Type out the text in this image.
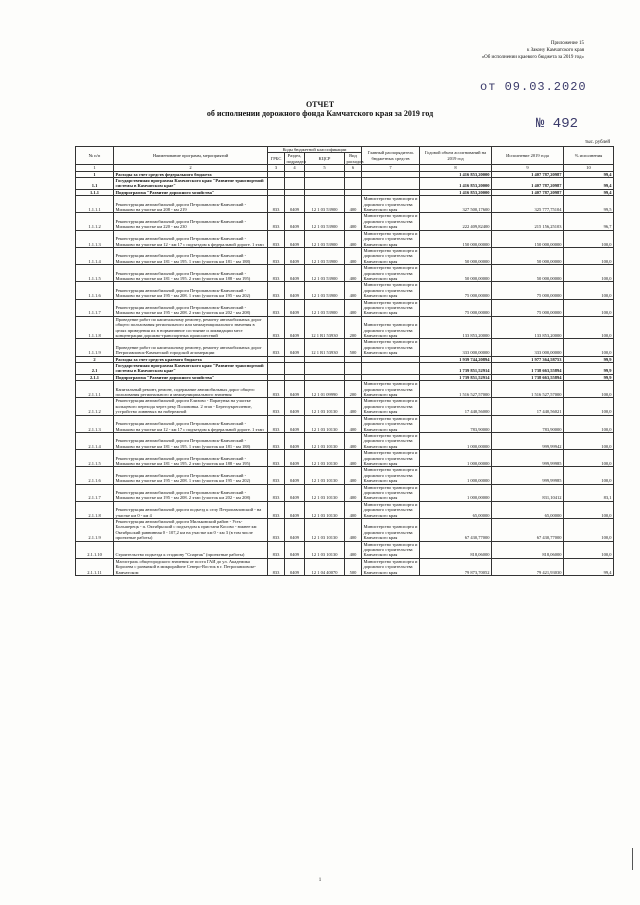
Приложение 15
к Закону Камчатского края
«Об исполнении краевого бюджета за 2019 год»
от 09.03.2020
№ 492
ОТЧЕТ
об исполнении дорожного фонда Камчатского края за 2019 год
тыс. рублей
№ п/п	Наименование программ, мероприятий	Коды бюджетной классификации				Главный распорядитель бюджетных средств	Годовой объем ассигнований на 2019 год	Исполнение 2019 года	% исполнения
		ГРБС	Раздел, подраздел	КЦСР	Вид расходов				
1	2	3	4	5	6	7	8	9	10
1	Расходы за счет средств федерального бюджета						1 416 853,20000	1 407 787,20987	99,4
1.1	Государственная программа Камчатского края "Развитие транспортной системы в Камчатском крае"						1 416 853,20000	1 407 787,20987	99,4
1.1.1	Подпрограмма "Развитие дорожного хозяйства"						1 416 853,20000	1 407 787,20987	99,4
1.1.1.1	Реконструкция автомобильной дороги Петропавловск-Камчатский - Мильково на участке км 208 - км 219	833	0409	12 1 03 53900	400	Министерство транспорта и дорожного строительства Камчатского края	327 500,17600	325 777,75104	99,5
1.1.1.2	Реконструкция автомобильной дороги Петропавловск-Камчатский - Мильково на участке км 220 - км 230	833	0409	12 1 03 53900	400	Министерство транспорта и дорожного строительства Камчатского края	222 409,82400	215 156,25103	96,7
1.1.1.3	Реконструкция автомобильной дороги Петропавловск-Камчатский - Мильково на участке км 12 - км 17 с подъездом к федеральной дороге. 1 этап	833	0409	12 1 03 53900	400	Министерство транспорта и дорожного строительства Камчатского края	150 000,00000	150 000,00000	100,0
1.1.1.4	Реконструкция автомобильной дороги Петропавловск-Камчатский - Мильково на участке км 181 - км 195. 1 этап (участок км 181 - км 188)	833	0409	12 1 03 53900	400	Министерство транспорта и дорожного строительства Камчатского края	50 000,00000	50 000,00000	100,0
1.1.1.5	Реконструкция автомобильной дороги Петропавловск-Камчатский - Мильково на участке км 181 - км 195. 2 этап (участок км 188 - км 195)	833	0409	12 1 03 53900	400	Министерство транспорта и дорожного строительства Камчатского края	50 000,00000	50 000,00000	100,0
1.1.1.6	Реконструкция автомобильной дороги Петропавловск-Камчатский - Мильково на участке км 195 - км 208. 1 этап (участок км 195 - км 202)	833	0409	12 1 03 53900	400	Министерство транспорта и дорожного строительства Камчатского края	75 000,00000	75 000,00000	100,0
1.1.1.7	Реконструкция автомобильной дороги Петропавловск-Камчатский - Мильково на участке км 195 - км 208. 2 этап (участок км 202 - км 208)	833	0409	12 1 03 53900	400	Министерство транспорта и дорожного строительства Камчатского края	75 000,00000	75 000,00000	100,0
1.1.1.8	Проведение работ по капитальному ремонту, ремонту автомобильных дорог общего пользования регионального или межмуниципального значения в целях приведения их в нормативное состояние и ликвидации мест концентрации дорожно-транспортных происшествий	833	0409	12 1 R1 53930	200	Министерство транспорта и дорожного строительства Камчатского края	133 853,20000	133 853,20000	100,0
1.1.1.9	Проведение работ по капитальному ремонту, ремонту автомобильных дорог Петропавловск-Камчатской городской агломерации	833	0409	12 1 R1 53930	500	Министерство транспорта и дорожного строительства Камчатского края	333 000,00000	333 000,00000	100,0
2	Расходы за счет средств краевого бюджета						1 939 744,20894	1 977 364,58753	99,9
2.1	Государственная программа Камчатского края "Развитие транспортной системы в Камчатском крае"						1 739 851,52914	1 738 663,55894	99,9
2.1.1	Подпрограмма "Развитие дорожного хозяйства"						1 739 851,52914	1 738 663,55894	99,9
2.1.1.1	Капитальный ремонт, ремонт, содержание автомобильных дорог общего пользования регионального и межмуниципального значения	833	0409	12 1 01 09990	200	Министерство транспорта и дорожного строительства Камчатского края	1 516 527,57000	1 516 527,57000	100,0
2.1.1.2	Реконструкция автомобильной дороги Елизово - Паратунка на участке кольцевого перехода через реку Половинка. 2 этап - Берегоукрепление, устройство ливневых на набережной	833	0409	12 1 03 10130	400	Министерство транспорта и дорожного строительства Камчатского края	17 440,56000	17 440,56021	100,0
2.1.1.3	Реконструкция автомобильной дороги Петропавловск-Камчатский - Мильково на участке км 12 - км 17 с подъездом к федеральной дороге. 1 этап	833	0409	12 1 03 10130	400	Министерство транспорта и дорожного строительства Камчатского края	783,90000	783,90000	100,0
2.1.1.4	Реконструкция автомобильной дороги Петропавловск-Камчатский - Мильково на участке км 181 - км 195. 1 этап (участок км 181 - км 188)	833	0409	12 1 03 10130	400	Министерство транспорта и дорожного строительства Камчатского края	1 000,00000	999,99942	100,0
2.1.1.5	Реконструкция автомобильной дороги Петропавловск-Камчатский - Мильково на участке км 181 - км 195. 2 этап (участок км 188 - км 195)	833	0409	12 1 03 10130	400	Министерство транспорта и дорожного строительства Камчатского края	1 000,00000	999,99985	100,0
2.1.1.6	Реконструкция автомобильной дороги Петропавловск-Камчатский - Мильково на участке км 195 - км 208. 1 этап (участок км 195 - км 202)	833	0409	12 1 03 10130	400	Министерство транспорта и дорожного строительства Камчатского края	1 000,00000	999,99985	100,0
2.1.1.7	Реконструкция автомобильной дороги Петропавловск-Камчатский - Мильково на участке км 195 - км 208. 2 этап (участок км 202 - км 208)	833	0409	12 1 03 10130	400	Министерство транспорта и дорожного строительства Камчатского края	1 000,00000	831,10412	83,1
2.1.1.8	Реконструкция автомобильной дороги подъезд к селу Петропавловский - на участке км 0 - км 4	833	0409	12 1 03 10130	400	Министерство транспорта и дорожного строительства Камчатского края	65,00000	65,00000	100,0
2.1.1.9	Реконструкция автомобильной дороги Мильковский район - Усть-Большерецк - п. Октябрьский с подъездом к пристани Косово - южнее км Октябрьский равнинная 0 - 107,2 км на участке км 0 - км 3 (в том числе проектные работы)	833	0409	12 1 03 10130	400	Министерство транспорта и дорожного строительства Камчатского края	67 430,77000	67 430,77000	100,0
2.1.1.10	Строительство подъезда к стадиону "Спартак" (проектные работы)	833	0409	12 1 03 10130	400	Министерство транспорта и дорожного строительства Камчатского края	818,06000	818,06000	100,0
2.1.1.11	Магистраль общегородского значения от поста ГАИ до ул. Академика Королева с развязкой в микрорайоне Северо-Восток в г. Петропавловске-Камчатском	833	0409	12 1 04 40070	500	Министерство транспорта и дорожного строительства Камчатского края	79 873,70052	79 421,93030	99,4
1
